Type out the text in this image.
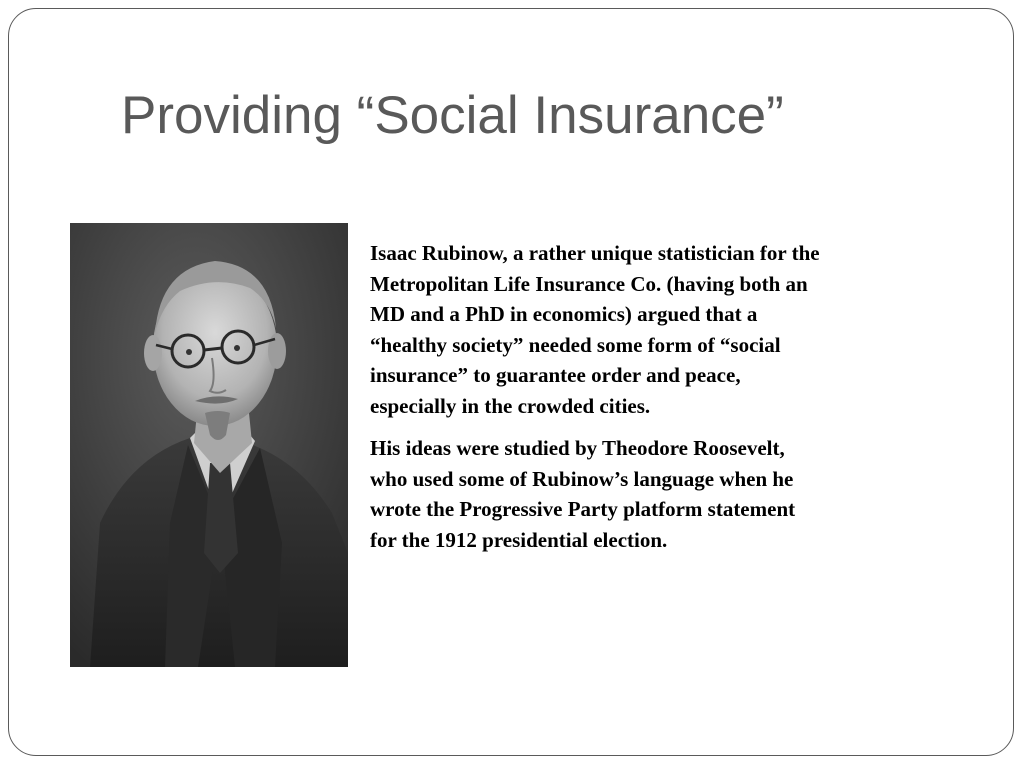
Providing “Social Insurance”

Isaac Rubinow, a rather unique statistician for the
Metropolitan Life Insurance Co. (having both an
MD and a PhD in economics) argued that a
“healthy society” needed some form of “social
insurance” to guarantee order and peace,
especially in the crowded cities.

His ideas were studied by Theodore Roosevelt,
who used some of Rubinow’s language when he
wrote the Progressive Party platform statement
for the 1912 presidential election.
